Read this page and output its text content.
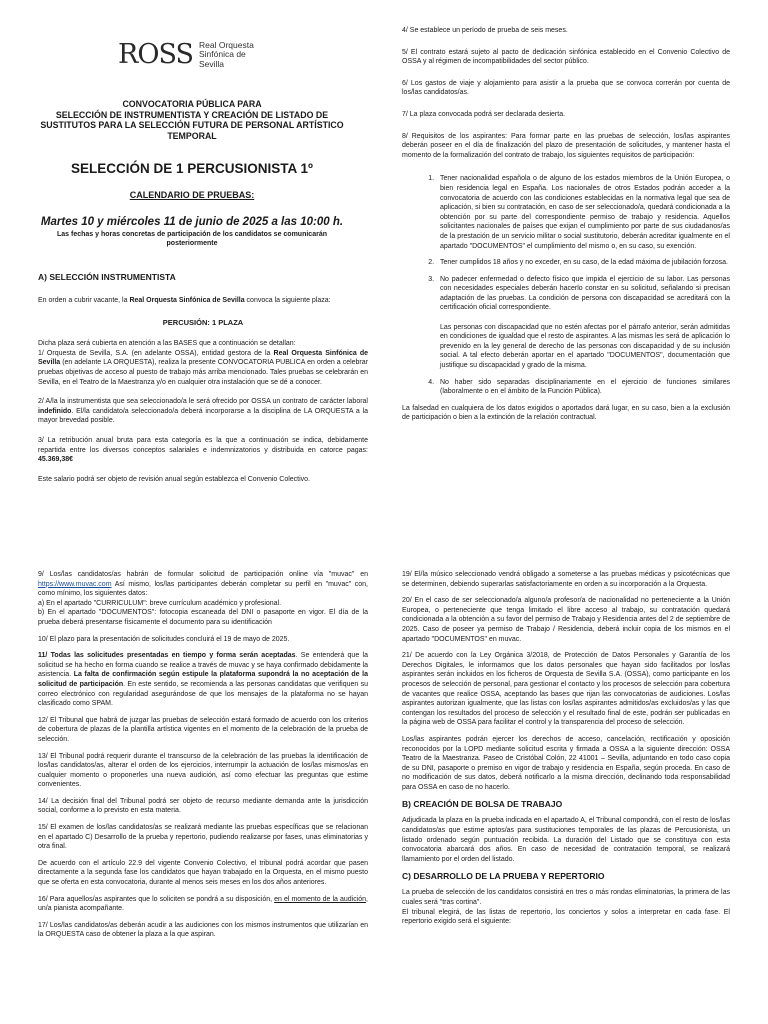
ROSS Real Orquesta
Sinfónica de
Sevilla
CONVOCATORIA PÚBLICA PARA
SELECCIÓN DE INSTRUMENTISTA Y CREACIÓN DE LISTADO DE
SUSTITUTOS PARA LA SELECCIÓN FUTURA DE PERSONAL ARTÍSTICO
TEMPORAL
SELECCIÓN DE 1 PERCUSIONISTA 1º
CALENDARIO DE PRUEBAS:
Martes 10 y miércoles 11 de junio de 2025 a las 10:00 h.
Las fechas y horas concretas de participación de los candidatos se comunicarán
posteriormente
A) SELECCIÓN INSTRUMENTISTA

En orden a cubrir vacante, la Real Orquesta Sinfónica de Sevilla convoca la siguiente plaza:

PERCUSIÓN: 1 PLAZA

Dicha plaza será cubierta en atención a las BASES que a continuación se detallan:

1/ Orquesta de Sevilla, S.A. (en adelante OSSA), entidad gestora de la Real Orquesta Sinfónica de Sevilla (en adelante LA ORQUESTA), realiza la presente CONVOCATORIA PUBLICA en orden a celebrar pruebas objetivas de acceso al puesto de trabajo más arriba mencionado. Tales pruebas se celebrarán en Sevilla, en el Teatro de la Maestranza y/o en cualquier otra instalación que se dé a conocer.

2/ A/la la instrumentista que sea seleccionado/a le será ofrecido por OSSA un contrato de carácter laboral indefinido. El/la candidato/a seleccionado/a deberá incorporarse a la disciplina de LA ORQUESTA a la mayor brevedad posible.

3/ La retribución anual bruta para esta categoría es la que a continuación se indica, debidamente repartida entre los diversos conceptos salariales e indemnizatorios y distribuida en catorce pagas: 45.369,38€

Este salario podrá ser objeto de revisión anual según establezca el Convenio Colectivo.

4/ Se establece un período de prueba de seis meses.

5/ El contrato estará sujeto al pacto de dedicación sinfónica establecido en el Convenio Colectivo de OSSA y al régimen de incompatibilidades del sector público.

6/ Los gastos de viaje y alojamiento para asistir a la prueba que se convoca correrán por cuenta de los/las candidatos/as.

7/ La plaza convocada podrá ser declarada desierta.

8/ Requisitos de los aspirantes: Para formar parte en las pruebas de selección, los/las aspirantes deberán poseer en el día de finalización del plazo de presentación de solicitudes, y mantener hasta el momento de la formalización del contrato de trabajo, los siguientes requisitos de participación:

1. Tener nacionalidad española o de alguno de los estados miembros de la Unión Europea, o bien residencia legal en España. Los nacionales de otros Estados podrán acceder a la convocatoria de acuerdo con las condiciones establecidas en la normativa legal que sea de aplicación, si bien su contratación, en caso de ser seleccionado/a, quedará condicionada a la obtención por su parte del correspondiente permiso de trabajo y residencia. Aquellos solicitantes nacionales de países que exijan el cumplimiento por parte de sus ciudadanos/as de la prestación de un servicio militar o social sustitutorio, deberán acreditar igualmente en el apartado "DOCUMENTOS" el cumplimiento del mismo o, en su caso, su exención.
2. Tener cumplidos 18 años y no exceder, en su caso, de la edad máxima de jubilación forzosa.
3. No padecer enfermedad o defecto físico que impida el ejercicio de su labor. Las personas con necesidades especiales deberán hacerlo constar en su solicitud, señalando si precisan adaptación de las pruebas. La condición de persona con discapacidad se acreditará con la certificación oficial correspondiente.

Las personas con discapacidad que no estén afectas por el párrafo anterior, serán admitidas en condiciones de igualdad que el resto de aspirantes. A las mismas les será de aplicación lo prevenido en la ley general de derecho de las personas con discapacidad y de su inclusión social. A tal efecto deberán aportar en el apartado "DOCUMENTOS", documentación que justifique su discapacidad y grado de la misma.
4. No haber sido separadas disciplinariamente en el ejercicio de funciones similares (laboralmente o en el ámbito de la Función Pública).

La falsedad en cualquiera de los datos exigidos o aportados dará lugar, en su caso, bien a la exclusión de participación o bien a la extinción de la relación contractual.

9/ Los/las candidatos/as habrán de formular solicitud de participación online vía "muvac" en https://www.muvac.com Así mismo, los/las participantes deberán completar su perfil en "muvac" con, como mínimo, los siguientes datos:
a) En el apartado "CURRICULUM": breve currículum académico y profesional.
b) En el apartado "DOCUMENTOS": fotocopia escaneada del DNI o pasaporte en vigor. El día de la prueba deberá presentarse físicamente el documento para su identificación

10/ El plazo para la presentación de solicitudes concluirá el 19 de mayo de 2025.

11/ Todas las solicitudes presentadas en tiempo y forma serán aceptadas. Se entenderá que la solicitud se ha hecho en forma cuando se realice a través de muvac y se haya confirmado debidamente la asistencia. La falta de confirmación según estipule la plataforma supondrá la no aceptación de la solicitud de participación. En este sentido, se recomienda a las personas candidatas que verifiquen su correo electrónico con regularidad asegurándose de que los mensajes de la plataforma no se hayan clasificado como SPAM.

12/ El Tribunal que habrá de juzgar las pruebas de selección estará formado de acuerdo con los criterios de cobertura de plazas de la plantilla artística vigentes en el momento de la celebración de la prueba de selección.

13/ El Tribunal podrá requerir durante el transcurso de la celebración de las pruebas la identificación de los/las candidatos/as, alterar el orden de los ejercicios, interrumpir la actuación de los/las mismos/as en cualquier momento o proponerles una nueva audición, así como efectuar las preguntas que estime convenientes.

14/ La decisión final del Tribunal podrá ser objeto de recurso mediante demanda ante la jurisdicción social, conforme a lo previsto en esta materia.

15/ El examen de los/las candidatos/as se realizará mediante las pruebas específicas que se relacionan en el apartado C) Desarrollo de la prueba y repertorio, pudiendo realizarse por fases, unas eliminatorias y otra final.

De acuerdo con el artículo 22.9 del vigente Convenio Colectivo, el tribunal podrá acordar que pasen directamente a la segunda fase los candidatos que hayan trabajado en la Orquesta, en el mismo puesto que se oferta en esta convocatoria, durante al menos seis meses en los dos años anteriores.

16/ Para aquellos/as aspirantes que lo soliciten se pondrá a su disposición, en el momento de la audición, un/a pianista acompañante.

17/ Los/las candidatos/as deberán acudir a las audiciones con los mismos instrumentos que utilizarían en la ORQUESTA caso de obtener la plaza a la que aspiran.

19/ El/la músico seleccionado vendrá obligado a someterse a las pruebas médicas y psicotécnicas que se determinen, debiendo superarlas satisfactoriamente en orden a su incorporación a la Orquesta.

20/ En el caso de ser seleccionado/a alguno/a profesor/a de nacionalidad no perteneciente a la Unión Europea, o perteneciente que tenga limitado el libre acceso al trabajo, su contratación quedará condicionada a la obtención a su favor del permiso de Trabajo y Residencia antes del 2 de septiembre de 2025. Caso de poseer ya permiso de Trabajo / Residencia, deberá incluir copia de los mismos en el apartado "DOCUMENTOS" en muvac.

21/ De acuerdo con la Ley Orgánica 3/2018, de Protección de Datos Personales y Garantía de los Derechos Digitales, le informamos que los datos personales que hayan sido facilitados por los/las aspirantes serán incluidos en los ficheros de Orquesta de Sevilla S.A. (OSSA), como participante en los procesos de selección de personal, para gestionar el contacto y los procesos de selección para cobertura de vacantes que realice OSSA, aceptando las bases que rijan las convocatorias de audiciones. Los/las aspirantes autorizan igualmente, que las listas con los/las aspirantes admitidos/as excluidos/as y las que contengan los resultados del proceso de selección y el resultado final de este, podrán ser publicadas en la página web de OSSA para facilitar el control y la transparencia del proceso de selección.

Los/las aspirantes podrán ejercer los derechos de acceso, cancelación, rectificación y oposición reconocidos por la LOPD mediante solicitud escrita y firmada a OSSA a la siguiente dirección: OSSA Teatro de la Maestranza. Paseo de Cristóbal Colón, 22 41001 – Sevilla, adjuntando en todo caso copia de su DNI, pasaporte o premiso en vigor de trabajo y residencia en España, según proceda. En caso de no modificación de sus datos, deberá notificarlo a la misma dirección, declinando toda responsabilidad para OSSA en caso de no hacerlo.

B) CREACIÓN DE BOLSA DE TRABAJO

Adjudicada la plaza en la prueba indicada en el apartado A, el Tribunal compondrá, con el resto de los/las candidatos/as que estime aptos/as para sustituciones temporales de las plazas de Percusionista, un listado ordenado según puntuación recibida. La duración del Listado que se constituya con esta convocatoria abarcará dos años. En caso de necesidad de contratación temporal, se realizará llamamiento por el orden del listado.

C) DESARROLLO DE LA PRUEBA Y REPERTORIO

La prueba de selección de los candidatos consistirá en tres o más rondas eliminatorias, la primera de las cuales será "tras cortina".

El tribunal elegirá, de las listas de repertorio, los conciertos y solos a interpretar en cada fase. El repertorio exigido será el siguiente:
